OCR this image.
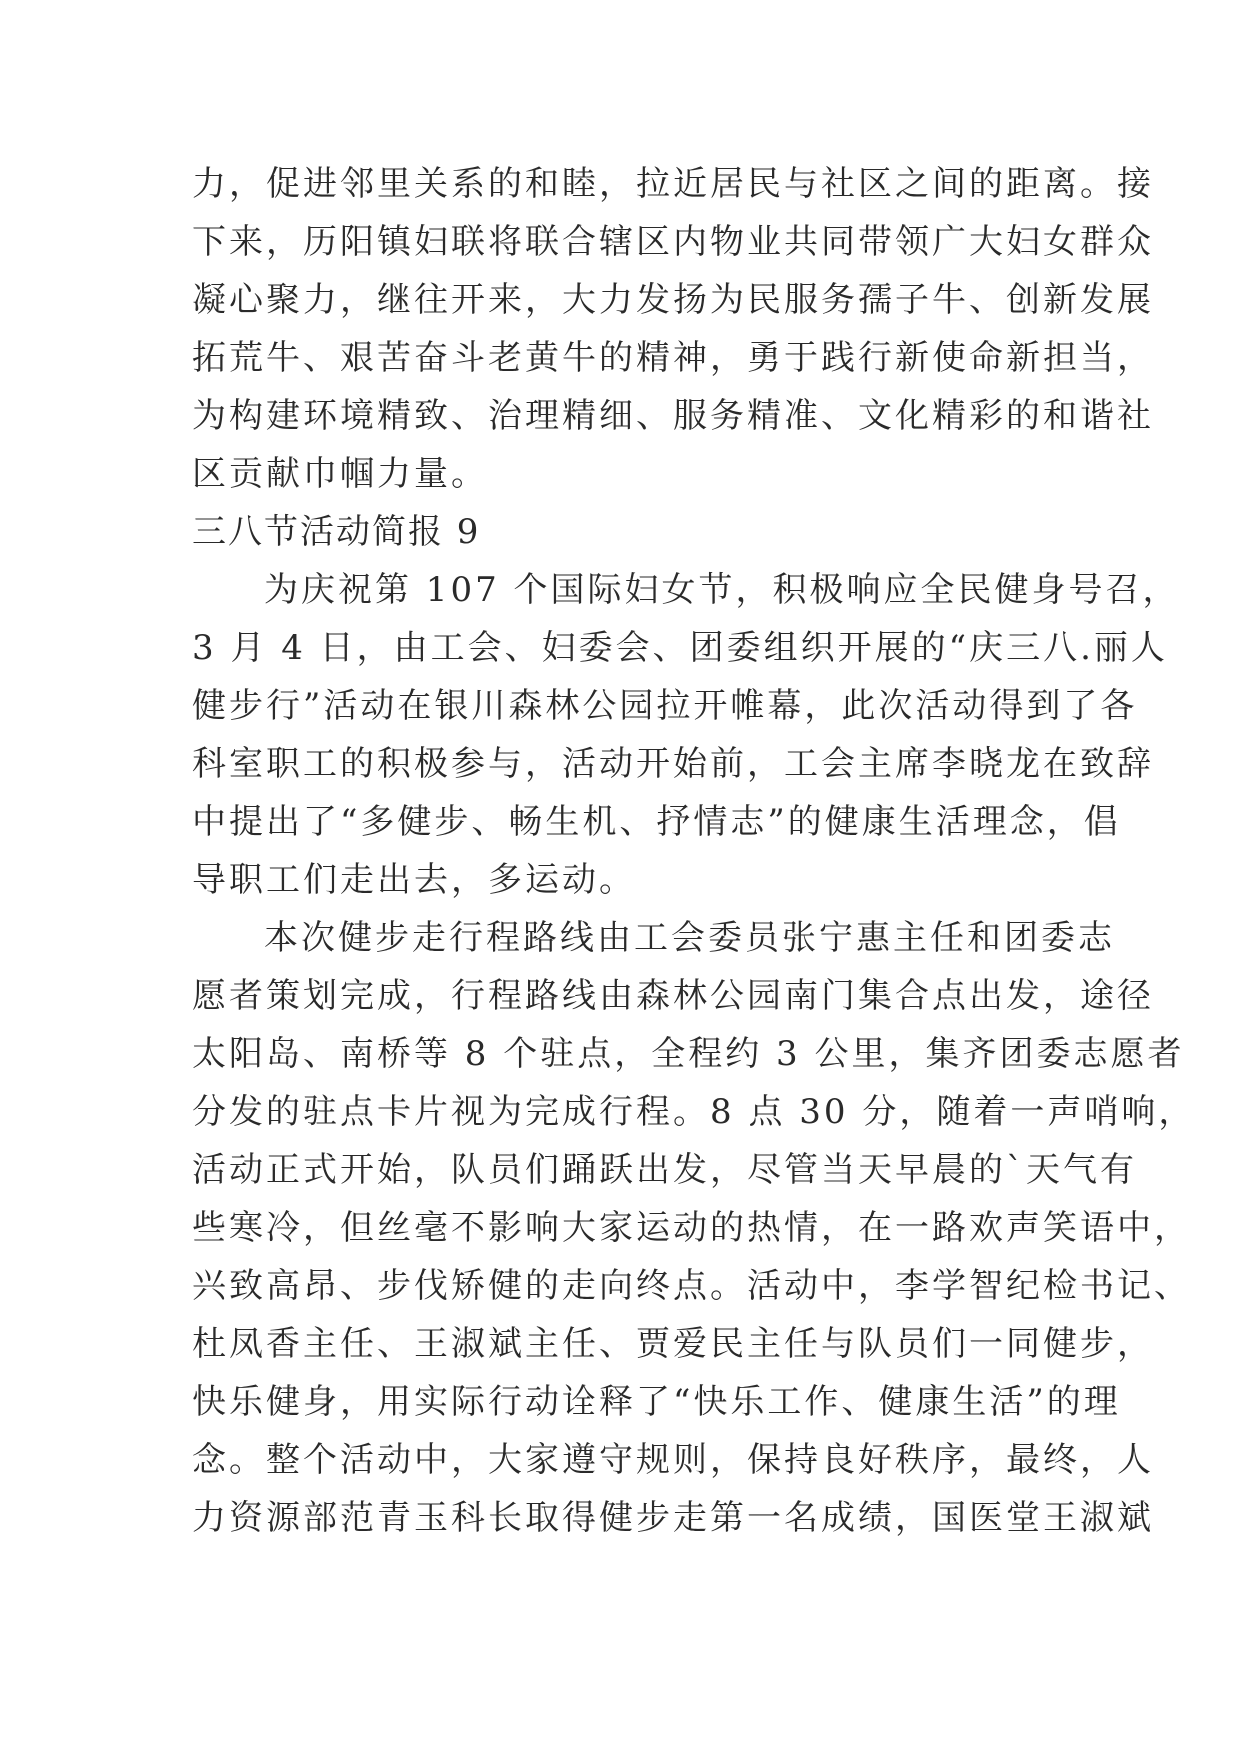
力，促进邻里关系的和睦，拉近居民与社区之间的距离。接
下来，历阳镇妇联将联合辖区内物业共同带领广大妇女群众
凝心聚力，继往开来，大力发扬为民服务孺子牛、创新发展
拓荒牛、艰苦奋斗老黄牛的精神，勇于践行新使命新担当，
为构建环境精致、治理精细、服务精准、文化精彩的和谐社
区贡献巾帼力量。
三八节活动简报 9
为庆祝第 107 个国际妇女节，积极响应全民健身号召，
3 月 4 日，由工会、妇委会、团委组织开展的“庆三八.丽人
健步行”活动在银川森林公园拉开帷幕，此次活动得到了各
科室职工的积极参与，活动开始前，工会主席李晓龙在致辞
中提出了“多健步、畅生机、抒情志”的健康生活理念，倡
导职工们走出去，多运动。
本次健步走行程路线由工会委员张宁惠主任和团委志
愿者策划完成，行程路线由森林公园南门集合点出发，途径
太阳岛、南桥等 8 个驻点，全程约 3 公里，集齐团委志愿者
分发的驻点卡片视为完成行程。8 点 30 分，随着一声哨响，
活动正式开始，队员们踊跃出发，尽管当天早晨的`天气有
些寒冷，但丝毫不影响大家运动的热情，在一路欢声笑语中，
兴致高昂、步伐矫健的走向终点。活动中，李学智纪检书记、
杜凤香主任、王淑斌主任、贾爱民主任与队员们一同健步，
快乐健身，用实际行动诠释了“快乐工作、健康生活”的理
念。整个活动中，大家遵守规则，保持良好秩序，最终，人
力资源部范青玉科长取得健步走第一名成绩，国医堂王淑斌
